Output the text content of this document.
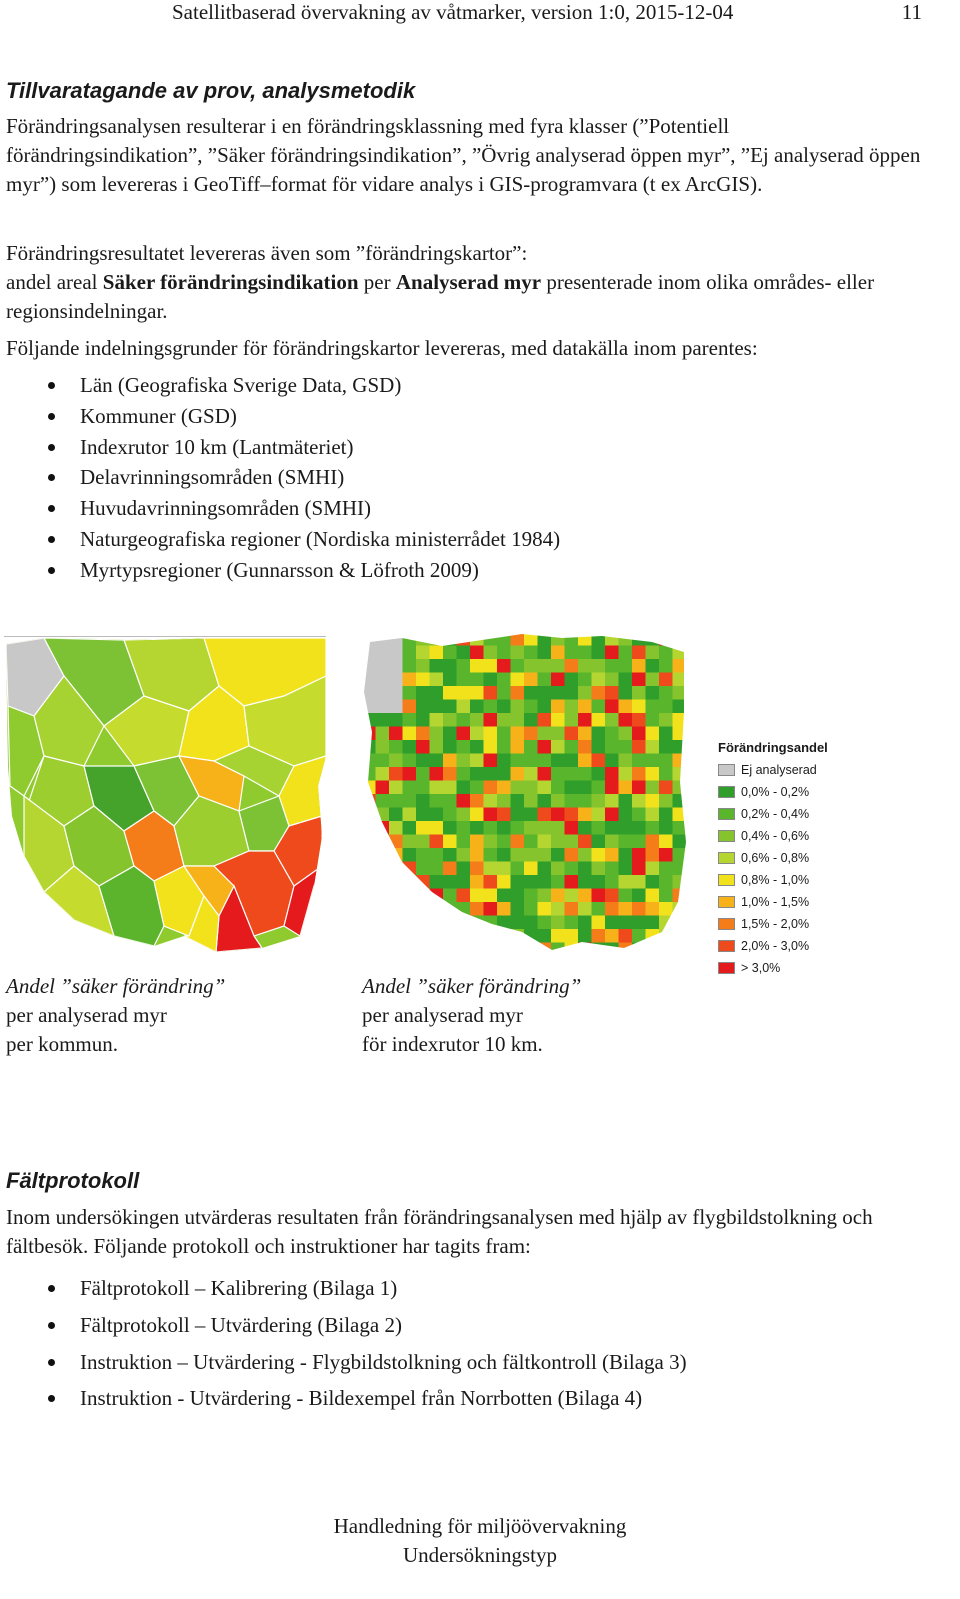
Satellitbaserad övervakning av våtmarker, version 1:0, 2015-12-04	11
Tillvaratagande av prov, analysmetodik

Förändringsanalysen resulterar i en förändringsklassning med fyra klasser (”Potentiell förändringsindikation”, ”Säker förändringsindikation”, ”Övrig analyserad öppen myr”, ”Ej analyserad öppen myr”) som levereras i GeoTiff–format för vidare analys i GIS-programvara (t ex ArcGIS).

Förändringsresultatet levereras även som ”förändringskartor”:
andel areal Säker förändringsindikation per Analyserad myr presenterade inom olika områdes- eller regionsindelningar.

Följande indelningsgrunder för förändringskartor levereras, med datakälla inom parentes:

Län (Geografiska Sverige Data, GSD)
Kommuner (GSD)
Indexrutor 10 km (Lantmäteriet)
Delavrinningsområden (SMHI)
Huvudavrinningsområden (SMHI)
Naturgeografiska regioner (Nordiska ministerrådet 1984)
Myrtypsregioner (Gunnarsson & Löfroth 2009)
Förändringsandel
Ej analyserad
0,0% - 0,2%
0,2% - 0,4%
0,4% - 0,6%
0,6% - 0,8%
0,8% - 1,0%
1,0% - 1,5%
1,5% - 2,0%
2,0% - 3,0%
> 3,0%
Andel ”säker förändring”
per analyserad myr
per kommun.
Andel ”säker förändring”
per analyserad myr
för indexrutor 10 km.
Fältprotokoll

Inom undersökingen utvärderas resultaten från förändringsanalysen med hjälp av flygbildstolkning och fältbesök. Följande protokoll och instruktioner har tagits fram:

Fältprotokoll – Kalibrering (Bilaga 1)
Fältprotokoll – Utvärdering (Bilaga 2)
Instruktion – Utvärdering - Flygbildstolkning och fältkontroll (Bilaga 3)
Instruktion - Utvärdering - Bildexempel från Norrbotten (Bilaga 4)
Handledning för miljöövervakning
Undersökningstyp
